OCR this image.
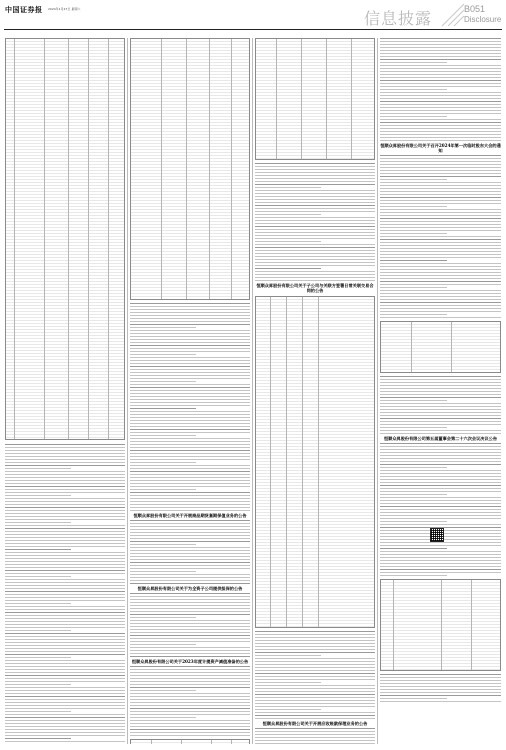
中国证券报 2024年1月27日 星期六	信息披露	B051
Disclosure
恒顺众昇股份有限公司关于开展商品期货套期保值业务的公告
恒顺众昇股份有限公司关于为全资子公司提供担保的公告
恒顺众昇股份有限公司关于2023年度计提资产减值准备的公告
恒顺众昇股份有限公司关于子公司与关联方签署日常关联交易合同的公告
恒顺众昇股份有限公司关于开展应收账款保理业务的公告
恒顺众昇股份有限公司关于召开2024年第一次临时股东大会的通知
恒顺众昇股份有限公司第五届董事会第二十六次会议决议公告
